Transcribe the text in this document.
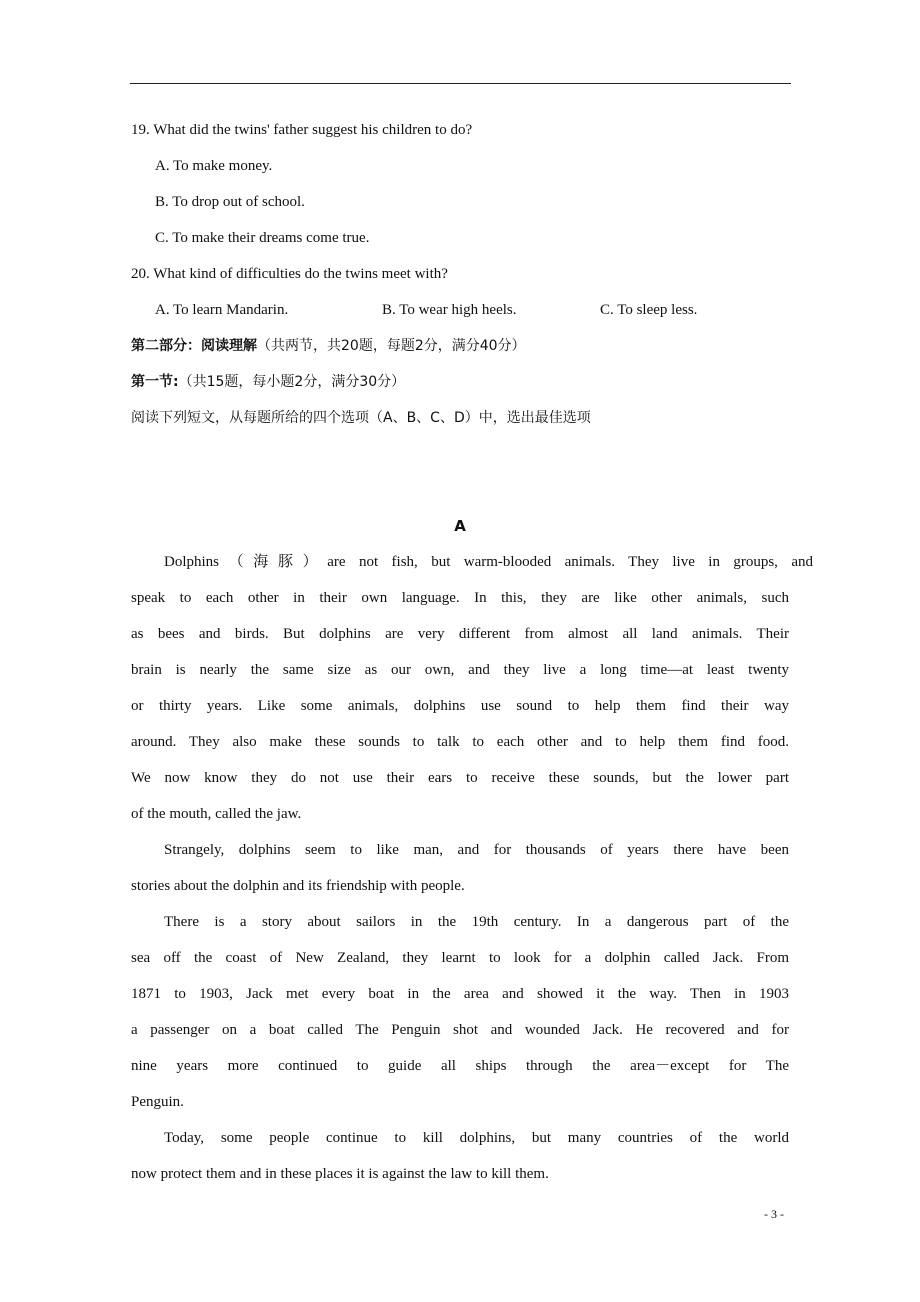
19. What did the twins' father suggest his children to do?
A. To make money.
B. To drop out of school.
C. To make their dreams come true.
20. What kind of difficulties do the twins meet with?
A. To learn Mandarin.	B. To wear high heels.	C. To sleep less.
第二部分：阅读理解（共两节，共20题，每题2分，满分40分）
第一节:（共15题，每小题2分，满分30分）
阅读下列短文，从每题所给的四个选项（A、B、C、D）中，选出最佳选项
A
Dolphins（海豚）are not fish, but warm-blooded animals. They live in groups, and
speak to each other in their own language. In this, they are like other animals, such
as bees and birds. But dolphins are very different from almost all land animals. Their
brain is nearly the same size as our own, and they live a long time—at least twenty
or thirty years. Like some animals, dolphins use sound to help them find their way
around. They also make these sounds to talk to each other and to help them find food.
We now know they do not use their ears to receive these sounds, but the lower part
of the mouth, called the jaw.
Strangely, dolphins seem to like man, and for thousands of years there have been
stories about the dolphin and its friendship with people.
There is a story about sailors in the 19th century. In a dangerous part of the
sea off the coast of New Zealand, they learnt to look for a dolphin called Jack. From
1871 to 1903, Jack met every boat in the area and showed it the way. Then in 1903
a passenger on a boat called The Penguin shot and wounded Jack. He recovered and for
nine years more continued to guide all ships through the area－except for The
Penguin.
Today, some people continue to kill dolphins, but many countries of the world
now protect them and in these places it is against the law to kill them.
- 3 -
